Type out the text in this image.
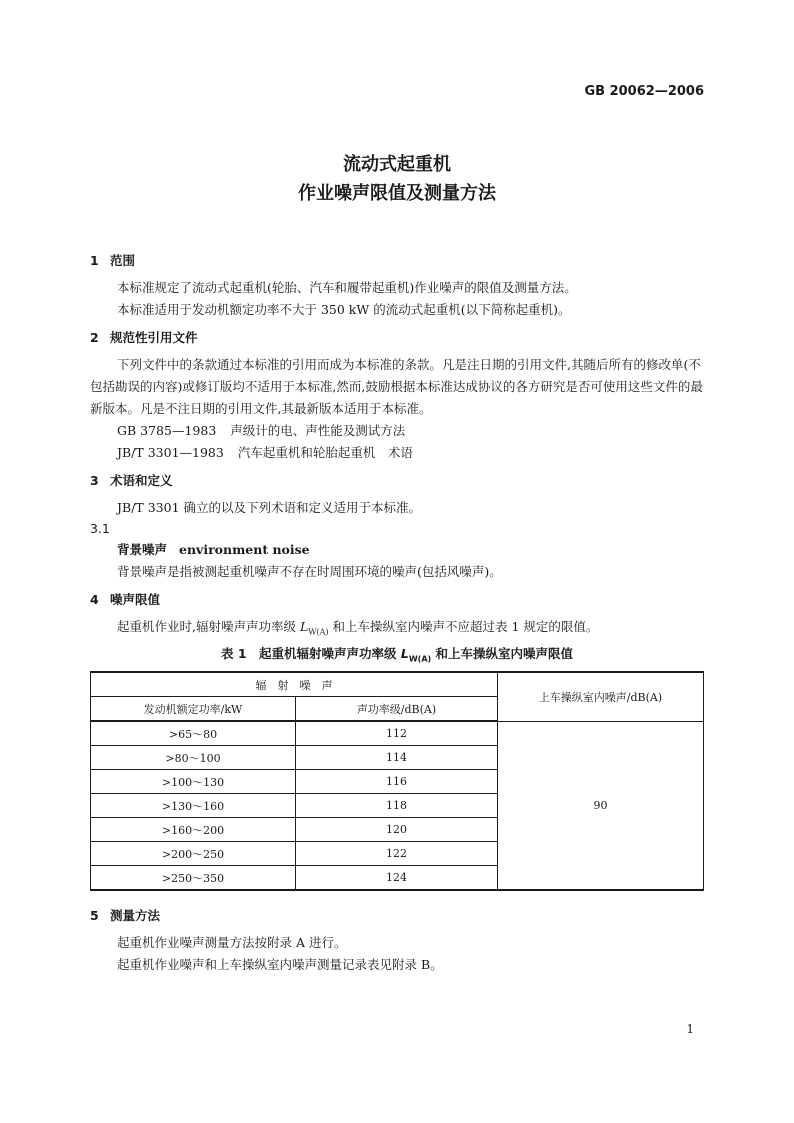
GB 20062—2006
流动式起重机
作业噪声限值及测量方法
1 范围
本标准规定了流动式起重机(轮胎、汽车和履带起重机)作业噪声的限值及测量方法。
本标准适用于发动机额定功率不大于 350 kW 的流动式起重机(以下简称起重机)。
2 规范性引用文件
下列文件中的条款通过本标准的引用而成为本标准的条款。凡是注日期的引用文件,其随后所有的修改单(不包括勘误的内容)或修订版均不适用于本标准,然而,鼓励根据本标准达成协议的各方研究是否可使用这些文件的最新版本。凡是不注日期的引用文件,其最新版本适用于本标准。
GB 3785—1983 声级计的电、声性能及测试方法
JB/T 3301—1983 汽车起重机和轮胎起重机　术语
3 术语和定义
JB/T 3301 确立的以及下列术语和定义适用于本标准。
3.1
背景噪声 environment noise
背景噪声是指被测起重机噪声不存在时周围环境的噪声(包括风噪声)。
4 噪声限值
起重机作业时,辐射噪声声功率级 $L_{W(A)}$ 和上车操纵室内噪声不应超过表 1 规定的限值。
表 1　起重机辐射噪声声功率级 $L_{W(A)}$ 和上车操纵室内噪声限值
辐　射　噪　声		上车操纵室内噪声/dB(A)
发动机额定功率/kW	声功率级/dB(A)	
>65～80	112	90
>80～100	114	
>100～130	116	
>130～160	118	
>160～200	120	
>200～250	122	
>250～350	124	
5 测量方法
起重机作业噪声测量方法按附录 A 进行。
起重机作业噪声和上车操纵室内噪声测量记录表见附录 B。
1
